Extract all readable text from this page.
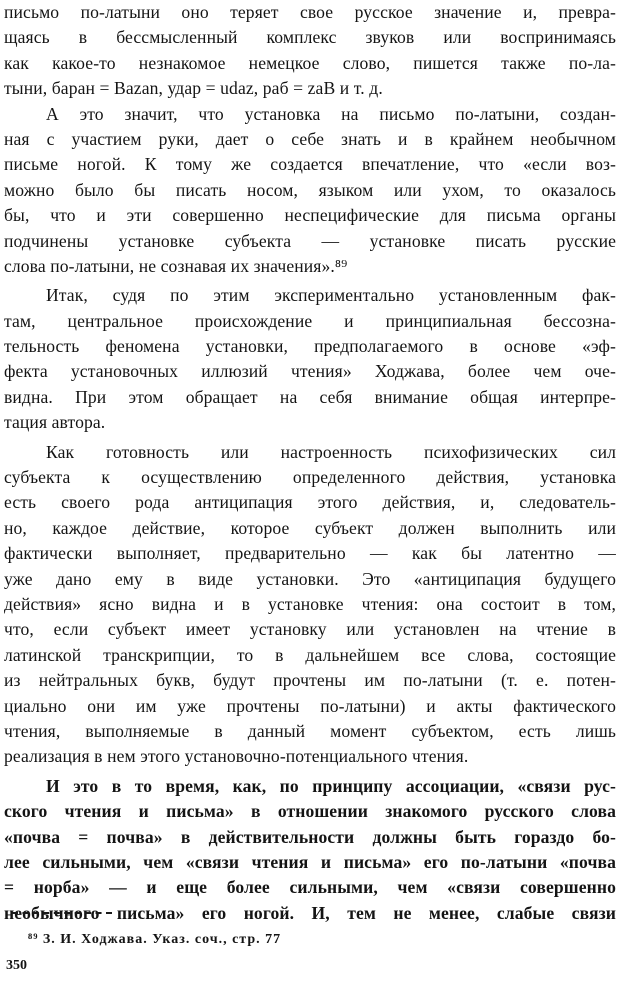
письмо по-латыни оно теряет свое русское значение и, превра-
щаясь в бессмысленный комплекс звуков или воспринимаясь
как какое-то незнакомое немецкое слово, пишется также по-ла-
тыни, баран = Bazan, удар = udaz, раб = zaB и т. д.
А это значит, что установка на письмо по-латыни, создан-
ная с участием руки, дает о себе знать и в крайнем необычном
письме ногой. К тому же создается впечатление, что «если воз-
можно было бы писать носом, языком или ухом, то оказалось
бы, что и эти совершенно неспецифические для письма органы
подчинены установке субъекта — установке писать русские
слова по-латыни, не сознавая их значения».⁸⁹
Итак, судя по этим экспериментально установленным фак-
там, центральное происхождение и принципиальная бессозна-
тельность феномена установки, предполагаемого в основе «эф-
фекта установочных иллюзий чтения» Ходжава, более чем оче-
видна. При этом обращает на себя внимание общая интерпре-
тация автора.
Как готовность или настроенность психофизических сил
субъекта к осуществлению определенного действия, установка
есть своего рода антиципация этого действия, и, следователь-
но, каждое действие, которое субъект должен выполнить или
фактически выполняет, предварительно — как бы латентно —
уже дано ему в виде установки. Это «антиципация будущего
действия» ясно видна и в установке чтения: она состоит в том,
что, если субъект имеет установку или установлен на чтение в
латинской транскрипции, то в дальнейшем все слова, состоящие
из нейтральных букв, будут прочтены им по-латыни (т. е. потен-
циально они им уже прочтены по-латыни) и акты фактического
чтения, выполняемые в данный момент субъектом, есть лишь
реализация в нем этого установочно-потенциального чтения.
И это в то время, как, по принципу ассоциации, «связи рус-
ского чтения и письма» в отношении знакомого русского слова
«почва = почва» в действительности должны быть гораздо бо-
лее сильными, чем «связи чтения и письма» его по-латыни «почва
= норба» — и еще более сильными, чем «связи совершенно
необычного письма» его ногой. И, тем не менее, слабые связи
⁸⁹ З. И. Ходжава. Указ. соч., стр. 77
350
